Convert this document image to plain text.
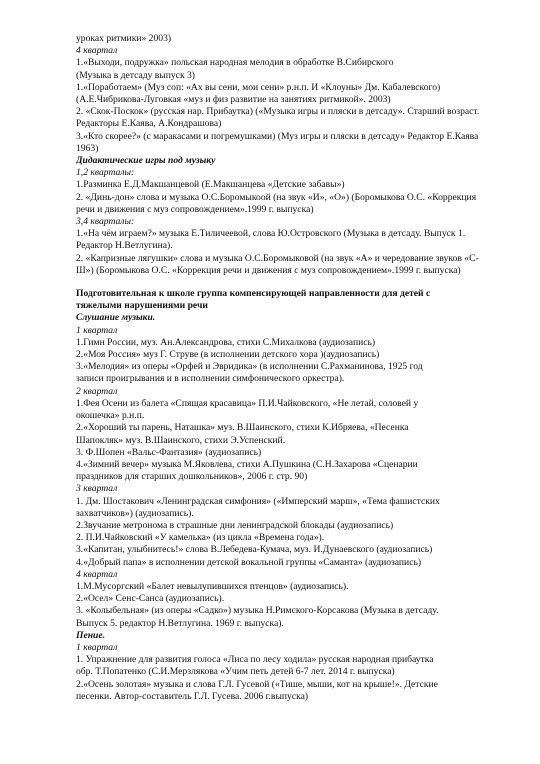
уроках ритмики» 2003)
4 квартал
1.«Выходи, подружка» польская народная мелодия в обработке В.Сибирского
(Музыка в детсаду выпуск 3)
1.«Поработаем» (Муз соп: «Ах вы сени, мои сени» р.н.п. И «Клоуны» Дм. Кабалевского)
(А.Е.Чибрикова-Луговкая «муз и физ развитие на занятиях ритмикой». 2003)
2. «Скок-Поскок» (русская нар. Прибаутка) («Музыка игры и пляски в детсаду». Старший возраст.
Редакторы Е.Каява, А.Кондрашова)
3.«Кто скорее?» (с маракасами и погремушками) (Муз игры и пляски в детсаду» Редактор Е.Каява
1963)
Дидактические игры под музыку
1,2 кварталы:
1.Разминка Е.Д.Макшанцевой (Е.Макшанцева «Детские забавы»)
2. «Динь-дон» слова и музыка О.С.Боромыкоой (на звук «И», «О») (Боромыкова О.С. «Коррекция
речи и движения с муз сопровождением».1999 г. выпуска)
3,4 кварталы:
1.«На чём играем?» музыка Е.Тиличеевой, слова Ю.Островского (Музыка в детсаду. Выпуск 1.
Редактор Н.Ветлугина).
2. «Капризные лягушки» слова и музыка О.С.Боромыковой (на звук «А» и чередование звуков «С-
Ш») (Боромыкова О.С. «Коррекция речи и движения с муз сопровождением».1999 г. выпуска)
Подготовительная к школе группа компенсирующей направленности для детей с
тяжелыми нарушениями речи
Слушание музыки.
1 квартал
1.Гимн России, муз. Ан.Александрова, стихи С.Михалкова (аудиозапись)
2.«Моя Россия» муз Г. Струве (в исполнении детского хора )(аудиозапись)
3.«Мелодия» из оперы «Орфей и Эвридика» (в исполнении С.Рахманинова, 1925 год
записи проигрывания и в исполнении симфонического оркестра).
2 квартал
1.Фея Осени из балета «Спящая красавица» П.И.Чайковского, «Не летай, соловей у
окошечка» р.н.п.
2.«Хороший ты парень, Наташка» муз. В.Шаинского, стихи К.Ибряева, «Песенка
Шапокляк» муз. В.Шаинского, стихи Э.Успенский.
3. Ф.Шопен «Вальс-Фантазия» (аудиозапись)
4.«Зимний вечер» музыка М.Яковлева, стихи А.Пушкина (С.Н.Захарова «Сценарии
праздников для старших дошкольников», 2006 г. стр. 90)
3 квартал
1. Дм. Шостакович «Ленинградская симфония» («Имперский марш», «Тема фашистских
захватчиков») (аудиозапись).
2.Звучание метронома в страшные дни ленинградской блокады (аудиозапись)
2. П.И.Чайковский «У камелька» (из цикла «Времена года»).
3.«Капитан, улыбнитесь!» слова В.Лебедева-Кумача, муз. И.Дунаевского (аудиозапись)
4.«Добрый папа» в исполнении детской вокальной группы «Саманта» (аудиозапись)
4 квартал
1.М.Мусоргский «Балет невылупившихся птенцов» (аудиозапись).
2.«Осел» Сенс-Санса (аудиозапись).
3. «Колыбельная» (из оперы «Садко») музыка Н.Римского-Корсакова (Музыка в детсаду.
Выпуск 5. редактор Н.Ветлугина. 1969 г. выпуска).
Пение.
1 квартал
1. Упражнение для развития голоса «Лиса по лесу ходила» русская народная прибаутка
обр. Т.Попатенко (С.И.Мерзлякова «Учим петь детей 6-7 лет. 2014 г. выпуска)
2.«Осень золотая» музыка и слова Г.Л. Гусевой («Тише, мыши, кот на крыше!». Детские
песенки. Автор-составитель Г.Л. Гусева. 2006 г.выпуска)
